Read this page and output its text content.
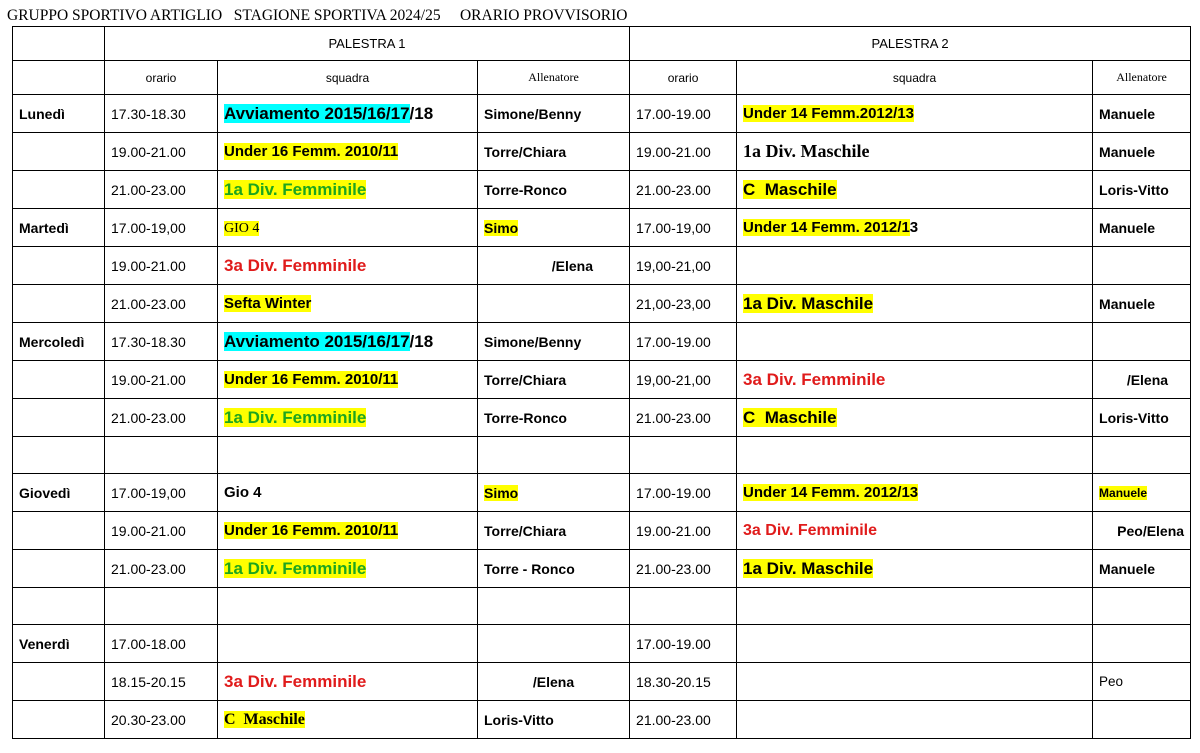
GRUPPO SPORTIVO ARTIGLIO   STAGIONE SPORTIVA 2024/25     ORARIO PROVVISORIO
	PALESTRA 1			PALESTRA 2		
	orario	squadra	Allenatore	orario	squadra	Allenatore
Lunedì	17.30-18.30	Avviamento 2015/16/17/18	Simone/Benny	17.00-19.00	Under 14 Femm.2012/13	Manuele
	19.00-21.00	Under 16 Femm. 2010/11	Torre/Chiara	19.00-21.00	1a Div. Maschile	Manuele
	21.00-23.00	1a Div. Femminile	Torre-Ronco	21.00-23.00	C  Maschile	Loris-Vitto
Martedì	17.00-19,00	GIO 4	Simo	17.00-19,00	Under 14 Femm. 2012/13	Manuele
	19.00-21.00	3a Div. Femminile	/Elena	19,00-21,00		
	21.00-23.00	Sefta Winter		21,00-23,00	1a Div. Maschile	Manuele
Mercoledì	17.30-18.30	Avviamento 2015/16/17/18	Simone/Benny	17.00-19.00		
	19.00-21.00	Under 16 Femm. 2010/11	Torre/Chiara	19,00-21,00	3a Div. Femminile	/Elena
	21.00-23.00	1a Div. Femminile	Torre-Ronco	21.00-23.00	C  Maschile	Loris-Vitto

Giovedì	17.00-19,00	Gio 4	Simo	17.00-19.00	Under 14 Femm. 2012/13	Manuele
	19.00-21.00	Under 16 Femm. 2010/11	Torre/Chiara	19.00-21.00	3a Div. Femminile	Peo/Elena
	21.00-23.00	1a Div. Femminile	Torre - Ronco	21.00-23.00	1a Div. Maschile	Manuele

Venerdì	17.00-18.00			17.00-19.00		
	18.15-20.15	3a Div. Femminile	/Elena	18.30-20.15		Peo
	20.30-23.00	C  Maschile	Loris-Vitto	21.00-23.00		
